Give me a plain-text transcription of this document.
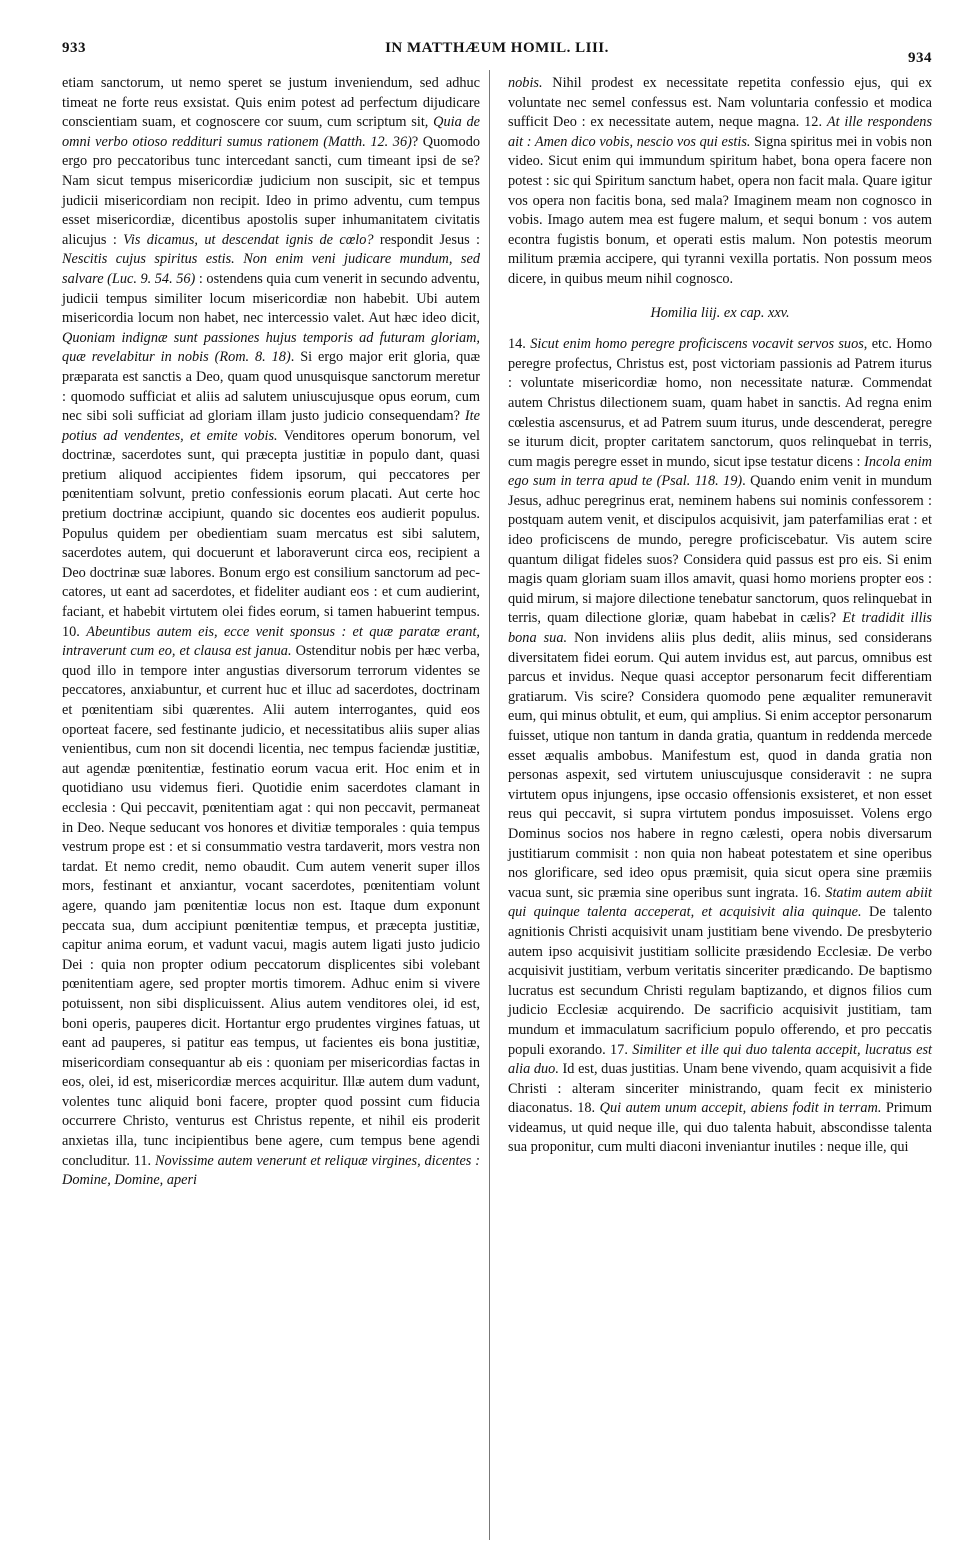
933	IN MATTHÆUM HOMIL. LIII.
934

etiam sanctorum, ut nemo speret se justum inveniendum, sed adhuc timeat ne forte reus exsistat. Quis enim potest ad perfectum dijudicare conscientiam suam, et cognoscere cor suum, cum scriptum sit, Quia de omni verbo otioso reddituri sumus rationem (Matth. 12. 36)? Quomodo ergo pro peccatoribus tunc intercedant sancti, cum timeant ipsi de se? Nam sicut tempus misericordiæ judicium non suscipit, sic et tempus judicii misericordiam non recipit. Ideo in primo adventu, cum tempus esset misericordiæ, dicentibus apostolis super inhumanitatem civitatis alicujus : Vis dicamus, ut descendat ignis de cœlo? respondit Jesus : Nescitis cujus spiritus estis. Non enim veni judicare mundum, sed salvare (Luc. 9. 54. 56) : ostendens quia cum venerit in secundo adventu, judicii tempus similiter locum misericordiæ non habebit. Ubi autem misericordia locum non habet, nec intercessio valet. Aut hæc ideo dicit, Quoniam indignæ sunt passiones hujus temporis ad futuram gloriam, quæ revelabitur in nobis (Rom. 8. 18). Si ergo major erit gloria, quæ præparata est sanctis a Deo, quam quod unusquisque sanctorum meretur : quomodo sufficiat et aliis ad salutem uniuscujusque opus eorum, cum nec sibi soli sufficiat ad gloriam illam justo judicio consequendam? Ite potius ad vendentes, et emite vobis. Venditores operum bonorum, vel doctrinæ, sacerdotes sunt, qui præcepta justitiæ in populo dant, quasi pretium aliquod accipientes fidem ipsorum, qui peccatores per pœnitentiam solvunt, pretio confessionis eorum placati. Aut certe hoc pretium doctrinæ accipiunt, quando sic docentes eos audierit populus. Populus quidem per obedientiam suam mercatus est sibi salutem, sacerdotes autem, qui docuerunt et laboraverunt circa eos, recipient a Deo doctrinæ suæ labores. Bonum ergo est consilium sanctorum ad peccatores, ut eant ad sacerdotes, et fideliter audiant eos : et cum audierint, faciant, et habebit virtutem olei fides eorum, si tamen habuerint tempus. 10. Abeuntibus autem eis, ecce venit sponsus : et quæ paratæ erant, intraverunt cum eo, et clausa est janua. Ostenditur nobis per hæc verba, quod illo in tempore inter angustias diversorum terrorum videntes se peccatores, anxiabuntur, et current huc et illuc ad sacerdotes, doctrinam et pœnitentiam sibi quærentes. Alii autem interrogantes, quid eos oporteat facere, sed festinante judicio, et necessitatibus aliis super alias venientibus, cum non sit docendi licentia, nec tempus faciendæ justitiæ, aut agendæ pœnitentiæ, festinatio eorum vacua erit. Hoc enim et in quotidiano usu videmus fieri. Quotidie enim sacerdotes clamant in ecclesia : Qui peccavit, pœnitentiam agat : qui non peccavit, permaneat in Deo. Neque seducant vos honores et divitiæ temporales : quia tempus vestrum prope est : et si consummatio vestra tardaverit, mors vestra non tardat. Et nemo credit, nemo obaudit. Cum autem venerit super illos mors, festinant et anxiantur, vocant sacerdotes, pœnitentiam volunt agere, quando jam pœnitentiæ locus non est. Itaque dum exponunt peccata sua, dum accipiunt pœnitentiæ tempus, et præcepta justitiæ, capitur anima eorum, et vadunt vacui, magis autem ligati justo judicio Dei : quia non propter odium peccatorum displicentes sibi volebant pœnitentiam agere, sed propter mortis timorem. Adhuc enim si vivere potuissent, non sibi displicuissent. Alius autem venditores olei, id est, boni operis, pauperes dicit. Hortantur ergo prudentes virgines fatuas, ut eant ad pauperes, si patitur eas tempus, ut facientes eis bona justitiæ, misericordiam consequantur ab eis : quoniam per misericordias factas in eos, olei, id est, misericordiæ merces acquiritur. Illæ autem dum vadunt, volentes tunc aliquid boni facere, propter quod possint cum fiducia occurrere Christo, venturus est Christus repente, et nihil eis proderit anxietas illa, tunc incipientibus bene agere, cum tempus bene agendi concluditur. 11. Novissime autem venerunt et reliquæ virgines, dicentes : Domine, Domine, aperi

nobis. Nihil prodest ex necessitate repetita confessio ejus, qui ex voluntate nec semel confessus est. Nam voluntaria confessio et modica sufficit Deo : ex necessitate autem, neque magna. 12. At ille respondens ait : Amen dico vobis, nescio vos qui estis. Signa spiritus mei in vobis non video. Sicut enim qui immundum spiritum habet, bona opera facere non potest : sic qui Spiritum sanctum habet, opera non facit mala. Quare igitur vos opera non facitis bona, sed mala? Imaginem meam non cognosco in vobis. Imago autem mea est fugere malum, et sequi bonum : vos autem econtra fugistis bonum, et operati estis malum. Non potestis meorum militum præmia accipere, qui tyranni vexilla portatis. Non possum meos dicere, in quibus meum nihil cognosco.

Homilia liij. ex cap. xxv.

14. Sicut enim homo peregre proficiscens vocavit servos suos, etc. Homo peregre profectus, Christus est, post victoriam passionis ad Patrem iturus : voluntate misericordiæ homo, non necessitate naturæ. Commendat autem Christus dilectionem suam, quam habet in sanctis. Ad regna enim cœlestia ascensurus, et ad Patrem suum iturus, unde descenderat, peregre se iturum dicit, propter caritatem sanctorum, quos relinquebat in terris, cum magis peregre esset in mundo, sicut ipse testatur dicens : Incola enim ego sum in terra apud te (Psal. 118. 19). Quando enim venit in mundum Jesus, adhuc peregrinus erat, neminem habens sui nominis confessorem : postquam autem venit, et discipulos acquisivit, jam paterfamilias erat : et ideo proficiscens de mundo, peregre proficiscebatur. Vis autem scire quantum diligat fideles suos? Considera quid passus est pro eis. Si enim magis quam gloriam suam illos amavit, quasi homo moriens propter eos : quid mirum, si majore dilectione tenebatur sanctorum, quos relinquebat in terris, quam dilectione gloriæ, quam habebat in cælis? Et tradidit illis bona sua. Non invidens aliis plus dedit, aliis minus, sed considerans diversitatem fidei eorum. Qui autem invidus est, aut parcus, omnibus est parcus et invidus. Neque quasi acceptor personarum fecit differentiam gratiarum. Vis scire? Considera quomodo pene æqualiter remuneravit eum, qui minus obtulit, et eum, qui amplius. Si enim acceptor personarum fuisset, utique non tantum in danda gratia, quantum in reddenda mercede esset æqualis ambobus. Manifestum est, quod in danda gratia non personas aspexit, sed virtutem uniuscujusque consideravit : ne supra virtutem opus injungens, ipse occasio offensionis exsisteret, et non esset reus qui peccavit, si supra virtutem pondus imposuisset. Volens ergo Dominus socios nos habere in regno cælesti, opera nobis diversarum justitiarum commisit : non quia non habeat potestatem et sine operibus nos glorificare, sed ideo opus præmisit, quia sicut opera sine præmiis vacua sunt, sic præmia sine operibus sunt ingrata. 16. Statim autem abiit qui quinque talenta acceperat, et acquisivit alia quinque. De talento agnitionis Christi acquisivit unam justitiam bene vivendo. De presbyterio autem ipso acquisivit justitiam sollicite præsidendo Ecclesiæ. De verbo acquisivit justitiam, verbum veritatis sinceriter prædicando. De baptismo lucratus est secundum Christi regulam baptizando, et dignos filios cum judicio Ecclesiæ acquirendo. De sacrificio acquisivit justitiam, tam mundum et immaculatum sacrificium populo offerendo, et pro peccatis populi exorando. 17. Similiter et ille qui duo talenta accepit, lucratus est alia duo. Id est, duas justitias. Unam bene vivendo, quam acquisivit a fide Christi : alteram sinceriter ministrando, quam fecit ex ministerio diaconatus. 18. Qui autem unum accepit, abiens fodit in terram. Primum videamus, ut quid neque ille, qui duo talenta habuit, abscondisse talenta sua proponitur, cum multi diaconi inveniantur inutiles : neque ille, qui
